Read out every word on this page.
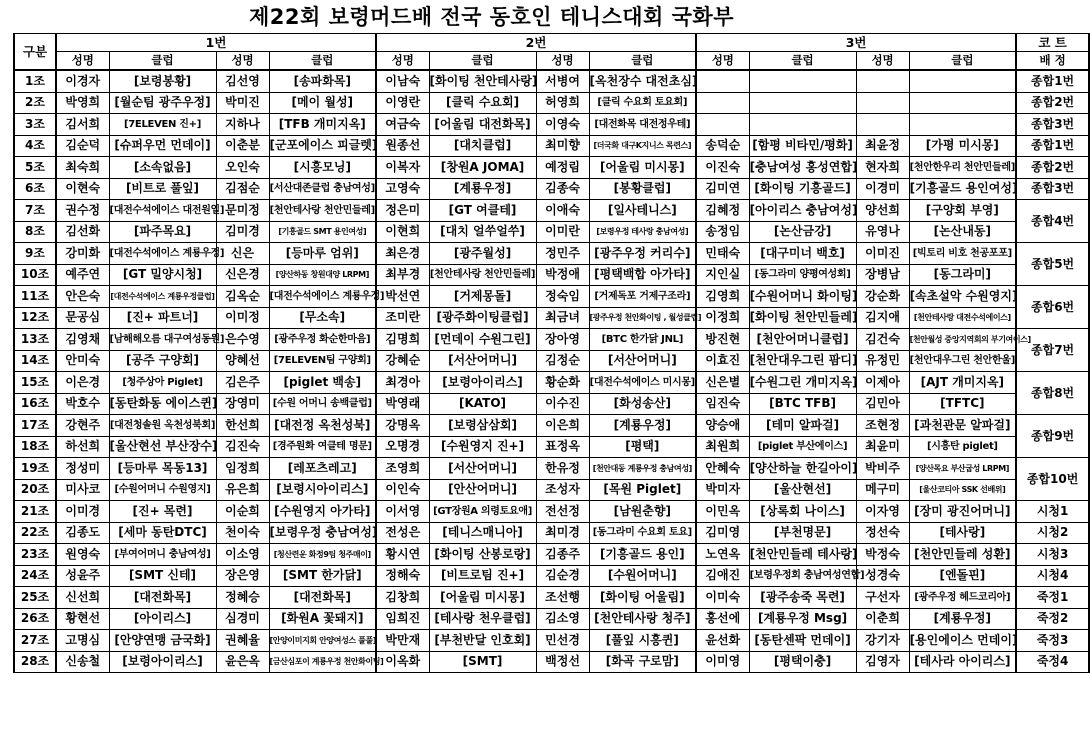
제22회 보령머드배 전국 동호인 테니스대회 국화부
구분	1번				2번				3번				코 트
	성명	클럽	성명	클럽	성명	클럽	성명	클럽	성명	클럽	성명	클럽	배 정
1조	이경자	[보령봉황]	김선영	[송파화목]	이남숙	[화이팅 천안테사랑]	서병여	[옥천장수 대전초심]					종합1번
2조	박영희	[월순팀 광주우정]	박미진	[메이 월성]	이영란	[클릭 수요회]	허영희	[클릭 수요회 토요회]					종합2번
3조	김서희	[7ELEVEN 진+]	지하나	[TFB 개미지옥]	여금숙	[어울림 대전화목]	이영숙	[대전화목 대전정우테]					종합3번
4조	김순덕	[슈퍼우먼 먼데이]	이춘분	[군포에이스 피글렛]	원종선	[대치클럽]	최미향	[더국화 대구K지니스 목련스]	송덕순	[함평 비타민/평화]	최윤정	[가평 미시몽]	종합1번
5조	최숙희	[소속없음]	오인숙	[시흥모닝]	이복자	[창원A JOMA]	예정림	[어울림 미시몽]	이진숙	[충남여성 홍성연합]	현자희	[천안한우리 천안민들레]	종합2번
6조	이현숙	[비트로 풀잎]	김점순	[서산대존클럽 충남여성]	고영숙	[계룡우정]	김종숙	[봉황클럽]	김미연	[화이팅 기흥골드]	이경미	[기흥골드 용인여성]	종합3번
7조	권수정	[대전수석에이스 대전원일]	문미정	[천안테사랑 천안민들레]	정은미	[GT 여클테]	이애숙	[일사테니스]	김혜정	[아이리스 충남여성]	양선희	[구양회 부영]	종합4번
8조	김선화	[파주목요]	김미경	[기흥골드 SMT 용인여성]	이현희	[대치 얼쑤얼쑤]	이미란	[보령우정 테사랑 충남여성]	송정임	[논산금강]	유영나	[논산내동]	
9조	강미화	[대전수석에이스 계룡우정]	신은	[등마루 엄위]	최은경	[광주월성]	정민주	[광주우정 커리수]	민태숙	[대구미너 백호]	이미진	[빅토리 비호 천공포포]	종합5번
10조	예주연	[GT 밀양시청]	신은경	[양산하동 창원대양 LRPM]	최부경	[천안테사랑 천안민들레]	박정애	[평택백합 아가타]	지인실	[동그라미 양평여성회]	장병남	[동그라미]	
11조	안은숙	[대전수석에이스 계룡우정클럽]	김옥순	[대전수석에이스 계룡우정]	박선연	[거제몽돌]	정숙임	[거제독포 거제구조라]	김영희	[수원어머니 화이팅]	강순화	[속초설악 수원영지]	종합6번
12조	문공심	[진+ 파트너]	이미정	[무소속]	조미란	[광주화이팅클럽]	최금녀	[광주우정 천안화이팅 , 월성클럽]	이정희	[화이팅 천안민들레]	김지애	[천안테사랑 대전수석에이스]	
13조	김영채	[남해해오름 대구여성동원]	은수영	[광주우정 화순한마음]	김명희	[먼데이 수원그린]	장아영	[BTC 한가닭 JNL]	방진현	[천안어머니클럽]	김건숙	[천안월성 중앙지역회의 부기여이스]	종합7번
14조	안미숙	[공주 구양회]	양혜선	[7ELEVEN팀 구양회]	강혜순	[서산어머니]	김정순	[서산어머니]	이효진	[천안대우그린 팜디]	유정민	[천안대우그린 천안한울]	
15조	이은경	[청주상아 Piglet]	김은주	[piglet 백송]	최경아	[보령아이리스]	황순화	[대전수석에이스 미시몽]	신은별	[수원그린 개미지옥]	이제아	[AJT 개미지옥]	종합8번
16조	박호수	[동탄화동 에이스퀸]	장영미	[수원 어머니 송백클럽]	박영래	[KATO]	이수진	[화성송산]	임진숙	[BTC TFB]	김민아	[TFTC]	
17조	강현주	[대전청솔원 옥천성북회]	한선희	[대전정 옥천성북]	강명옥	[보령삼삼회]	이은희	[계룡우정]	양승애	[테미 알파걸]	조현정	[과천관문 알파걸]	종합9번
18조	하선희	[울산현선 부산장수]	김진숙	[경주원화 여클테 명문]	오명경	[수원영지 진+]	표정옥	[평택]	최원희	[piglet 부산에이스]	최윤미	[시흥탄 piglet]	
19조	정성미	[등마루 목동13]	임정희	[레포츠레고]	조영희	[서산어머니]	한유정	[천안대동 계룡우정 충남여성]	안혜숙	[양산하늘 한길아이]	박비주	[양산목요 부산굽성 LRPM]	종합10번
20조	미사코	[수원어머니 수원영지]	유은희	[보령시아이리스]	이인숙	[안산어머니]	조성자	[목원 Piglet]	박미자	[울산현선]	메구미	[울산코티아 SSK 선배위]	
21조	이미경	[진+ 목련]	이순희	[수원영지 아가타]	이서영	[GT장원A 의령토요애]	전선정	[남원춘향]	이민옥	[상록회 나이스]	이자영	[장미 광진어머니]	시청1
22조	김종도	[세마 동탄DTC]	천이숙	[보령우정 충남여성]	전성은	[테니스매니아]	최미경	[동그라미 수요회 토요]	김미영	[부천명문]	정선숙	[테사랑]	시청2
23조	원영숙	[부여어머니 충남여성]	이소영	[청산련운 화정9팀 청주매이]	황시연	[화이팅 산봉로랑]	김종주	[기흥골드 용인]	노연옥	[천안민들레 테사랑]	박정숙	[천안민들레 성환]	시청3
24조	성윤주	[SMT 신테]	장은영	[SMT 한가닭]	정해숙	[비트로팀 진+]	김순경	[수원어머니]	김애진	[보령우정회 충남여성연합]	성경숙	[엔돌핀]	시청4
25조	신선희	[대전화목]	정혜승	[대전화목]	김창희	[어울림 미시몽]	조선행	[화이팅 어울림]	이미숙	[광주송죽 목련]	구선자	[광주우정 헤드코리아]	죽정1
26조	황현선	[아이리스]	심경미	[화원A 꽃돼지]	임희진	[테사랑 천우클럽]	김소영	[천안테사랑 청주]	홍선에	[계룡우정 Msg]	이춘희	[계룡우정]	죽정2
27조	고명심	[안양연맹 금국화]	권혜율	[안양이미지회 안양여성스 풀풀]	박만재	[부천반달 인호회]	민선경	[풀잎 시흥퀸]	윤선화	[동탄센팍 먼데이]	강기자	[용인에이스 먼데이]	죽정3
28조	신송철	[보령아이리스]	윤은옥	[금산심포이 계룡우정 천안화이팅]	이옥화	[SMT]	백정선	[화곡 구로맘]	이미영	[평택이충]	김영자	[테사라 아이리스]	죽정4
